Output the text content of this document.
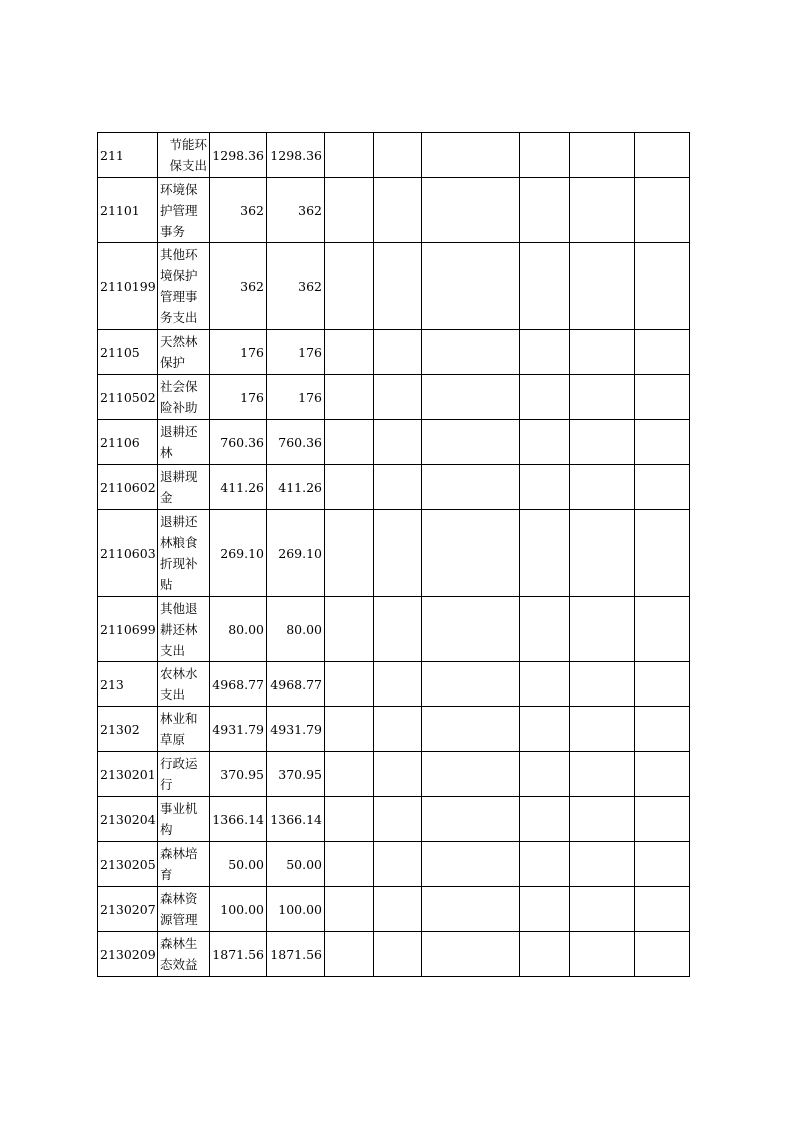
211	节能环保支出	1298.36	1298.36						
21101	环境保护管理事务	362	362						
2110199	其他环境保护管理事务支出	362	362						
21105	天然林保护	176	176						
2110502	社会保险补助	176	176						
21106	退耕还林	760.36	760.36						
2110602	退耕现金	411.26	411.26						
2110603	退耕还林粮食折现补贴	269.10	269.10						
2110699	其他退耕还林支出	80.00	80.00						
213	农林水支出	4968.77	4968.77						
21302	林业和草原	4931.79	4931.79						
2130201	行政运行	370.95	370.95						
2130204	事业机构	1366.14	1366.14						
2130205	森林培育	50.00	50.00						
2130207	森林资源管理	100.00	100.00						
2130209	森林生态效益	1871.56	1871.56						
